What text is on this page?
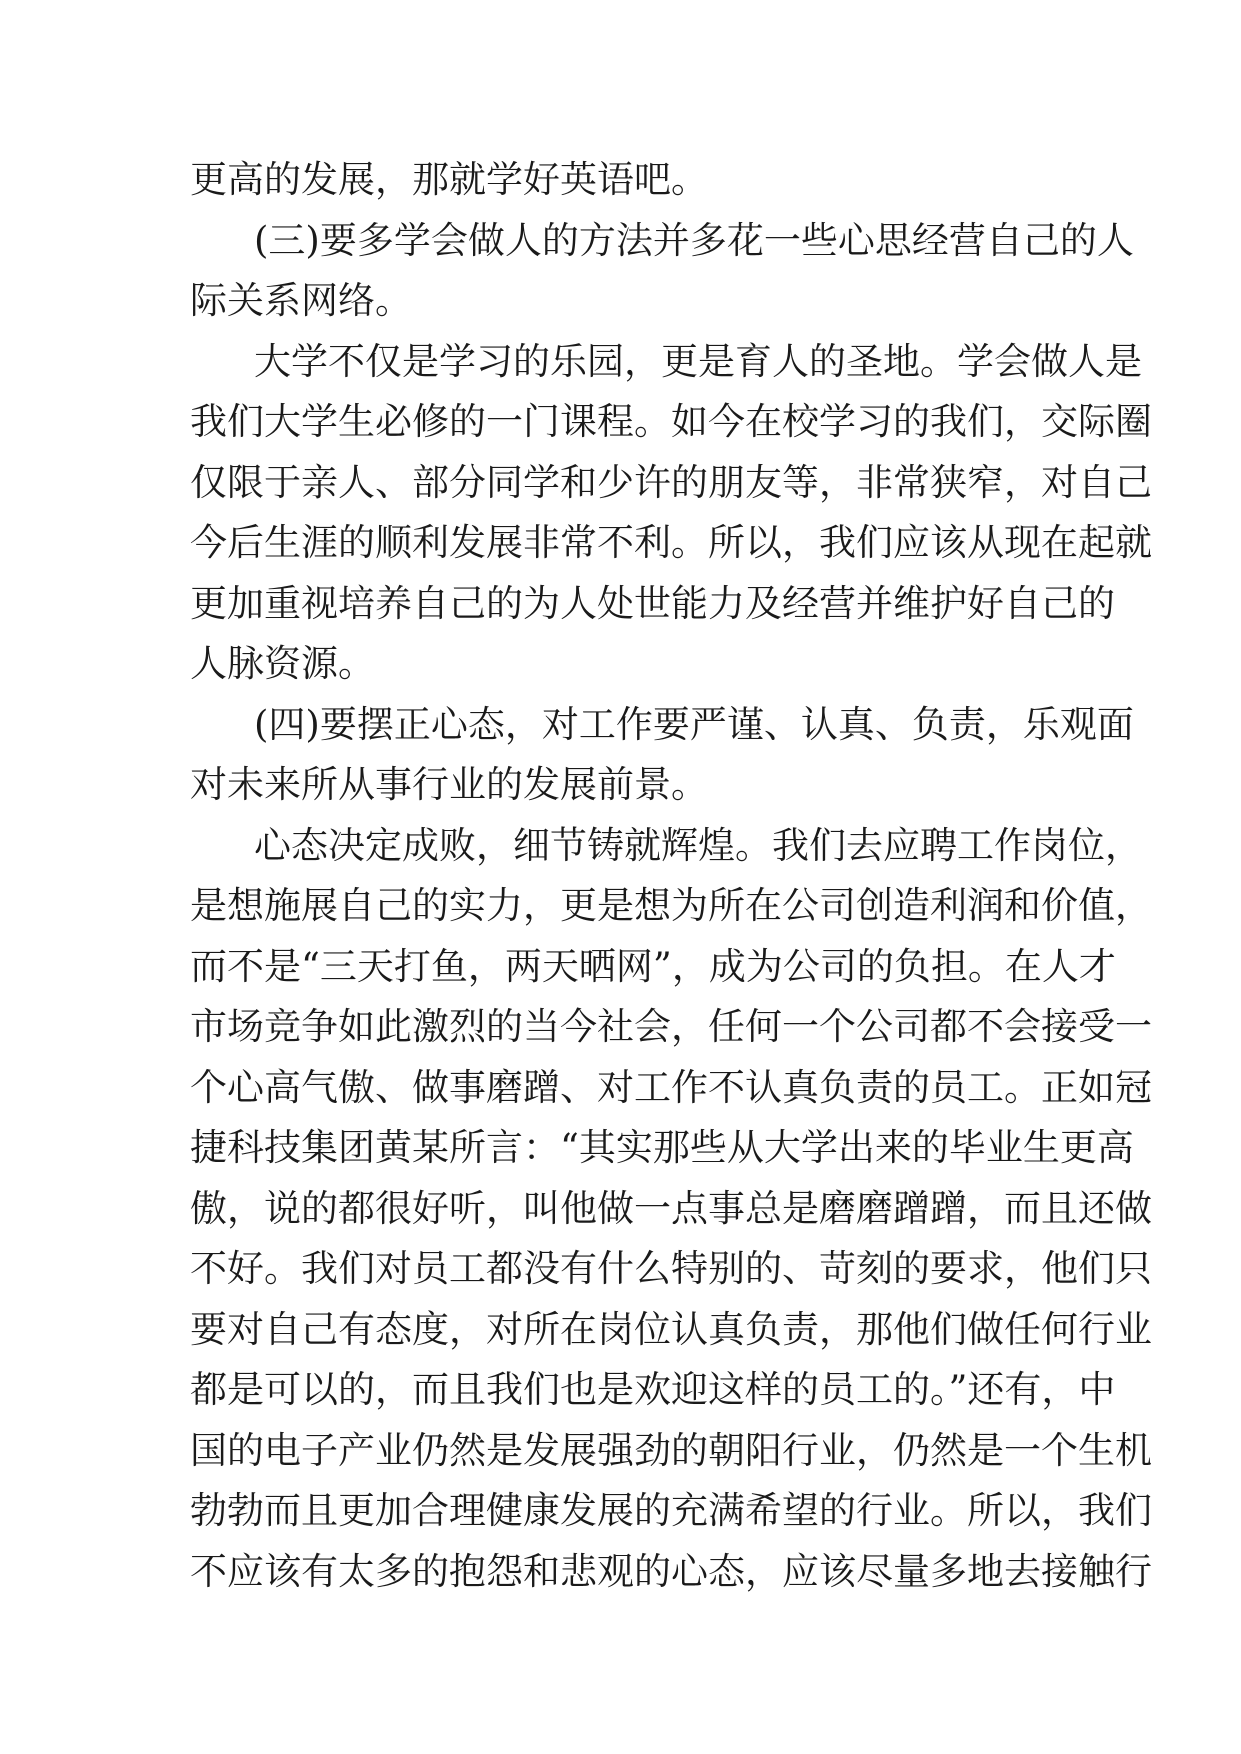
更高的发展，那就学好英语吧。
(三)要多学会做人的方法并多花一些心思经营自己的人
际关系网络。
大学不仅是学习的乐园，更是育人的圣地。学会做人是
我们大学生必修的一门课程。如今在校学习的我们，交际圈
仅限于亲人、部分同学和少许的朋友等，非常狭窄，对自己
今后生涯的顺利发展非常不利。所以，我们应该从现在起就
更加重视培养自己的为人处世能力及经营并维护好自己的
人脉资源。
(四)要摆正心态，对工作要严谨、认真、负责，乐观面
对未来所从事行业的发展前景。
心态决定成败，细节铸就辉煌。我们去应聘工作岗位，
是想施展自己的实力，更是想为所在公司创造利润和价值，
而不是“三天打鱼，两天晒网”，成为公司的负担。在人才
市场竞争如此激烈的当今社会，任何一个公司都不会接受一
个心高气傲、做事磨蹭、对工作不认真负责的员工。正如冠
捷科技集团黄某所言：“其实那些从大学出来的毕业生更高
傲，说的都很好听，叫他做一点事总是磨磨蹭蹭，而且还做
不好。我们对员工都没有什么特别的、苛刻的要求，他们只
要对自己有态度，对所在岗位认真负责，那他们做任何行业
都是可以的，而且我们也是欢迎这样的员工的。”还有，中
国的电子产业仍然是发展强劲的朝阳行业，仍然是一个生机
勃勃而且更加合理健康发展的充满希望的行业。所以，我们
不应该有太多的抱怨和悲观的心态，应该尽量多地去接触行
